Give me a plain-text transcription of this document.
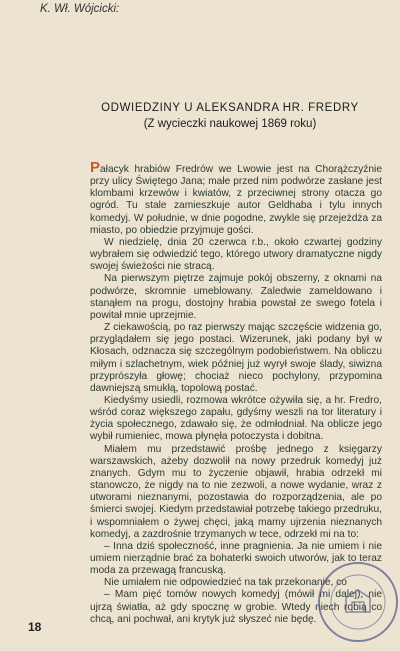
K. Wł. Wójcicki:
ODWIEDZINY U ALEKSANDRA HR. FREDRY
(Z wycieczki naukowej 1869 roku)

Pałacyk hrabiów Fredrów we Lwowie jest na Chorążczyźnie przy ulicy Świętego Jana; małe przed nim podwórze zasłane jest klombami krzewów i kwiatów, z przeciwnej strony otacza go ogród. Tu stale zamieszkuje autor Geldhaba i tylu innych komedyj. W południe, w dnie pogodne, zwykle się przejeżdża za miasto, po obiedzie przyjmuje gości.

W niedzielę, dnia 20 czerwca r.b., około czwartej godziny wybrałem się odwiedzić tego, którego utwory dramatyczne nigdy swojej świeżości nie stracą.

Na pierwszym piętrze zajmuje pokój obszerny, z oknami na podwórze, skromnie umeblowany. Zaledwie zameldowano i stanąłem na progu, dostojny hrabia powstał ze swego fotela i powitał mnie uprzejmie.

Z ciekawością, po raz pierwszy mając szczęście widzenia go, przyglądałem się jego postaci. Wizerunek, jaki podany był w Kłosach, odznacza się szczególnym podobieństwem. Na obliczu miłym i szlachetnym, wiek później już wyrył swoje ślady, siwizna przyprószyła głowę; chociaż nieco pochylony, przypomina dawniejszą smukłą, topolową postać.

Kiedyśmy usiedli, rozmowa wkrótce ożywiła się, a hr. Fredro, wśród coraz większego zapału, gdyśmy weszli na tor literatury i życia społecznego, zdawało się, że odmłodniał. Na oblicze jego wybił rumieniec, mowa płynęła potoczysta i dobitna.

Miałem mu przedstawić prośbę jednego z księgarzy warszawskich, ażeby dozwolił na nowy przedruk komedyj już znanych. Gdym mu to życzenie objawił, hrabia odrzekł mi stanowczo, że nigdy na to nie zezwoli, a nowe wydanie, wraz z utworami nieznanymi, pozostawia do rozporządzenia, ale po śmierci swojej. Kiedym przedstawiał potrzebę takiego przedruku, i wspomniałem o żywej chęci, jaką mamy ujrzenia nieznanych komedyj, a zazdrośnie trzymanych w tece, odrzekł mi na to:

– Inna dziś społeczność, inne pragnienia. Ja nie umiem i nie umiem nierządnie brać za bohaterki swoich utworów, jak to teraz moda za przewagą francuską.

Nie umiałem nie odpowiedzieć na tak przekonanie, co

– Mam pięć tomów nowych komedyj (mówił mi dalej), nie ujrzą światła, aż gdy spocznę w grobie. Wtedy niech robią co chcą, ani pochwał, ani krytyk już słyszeć nie będę.

18
